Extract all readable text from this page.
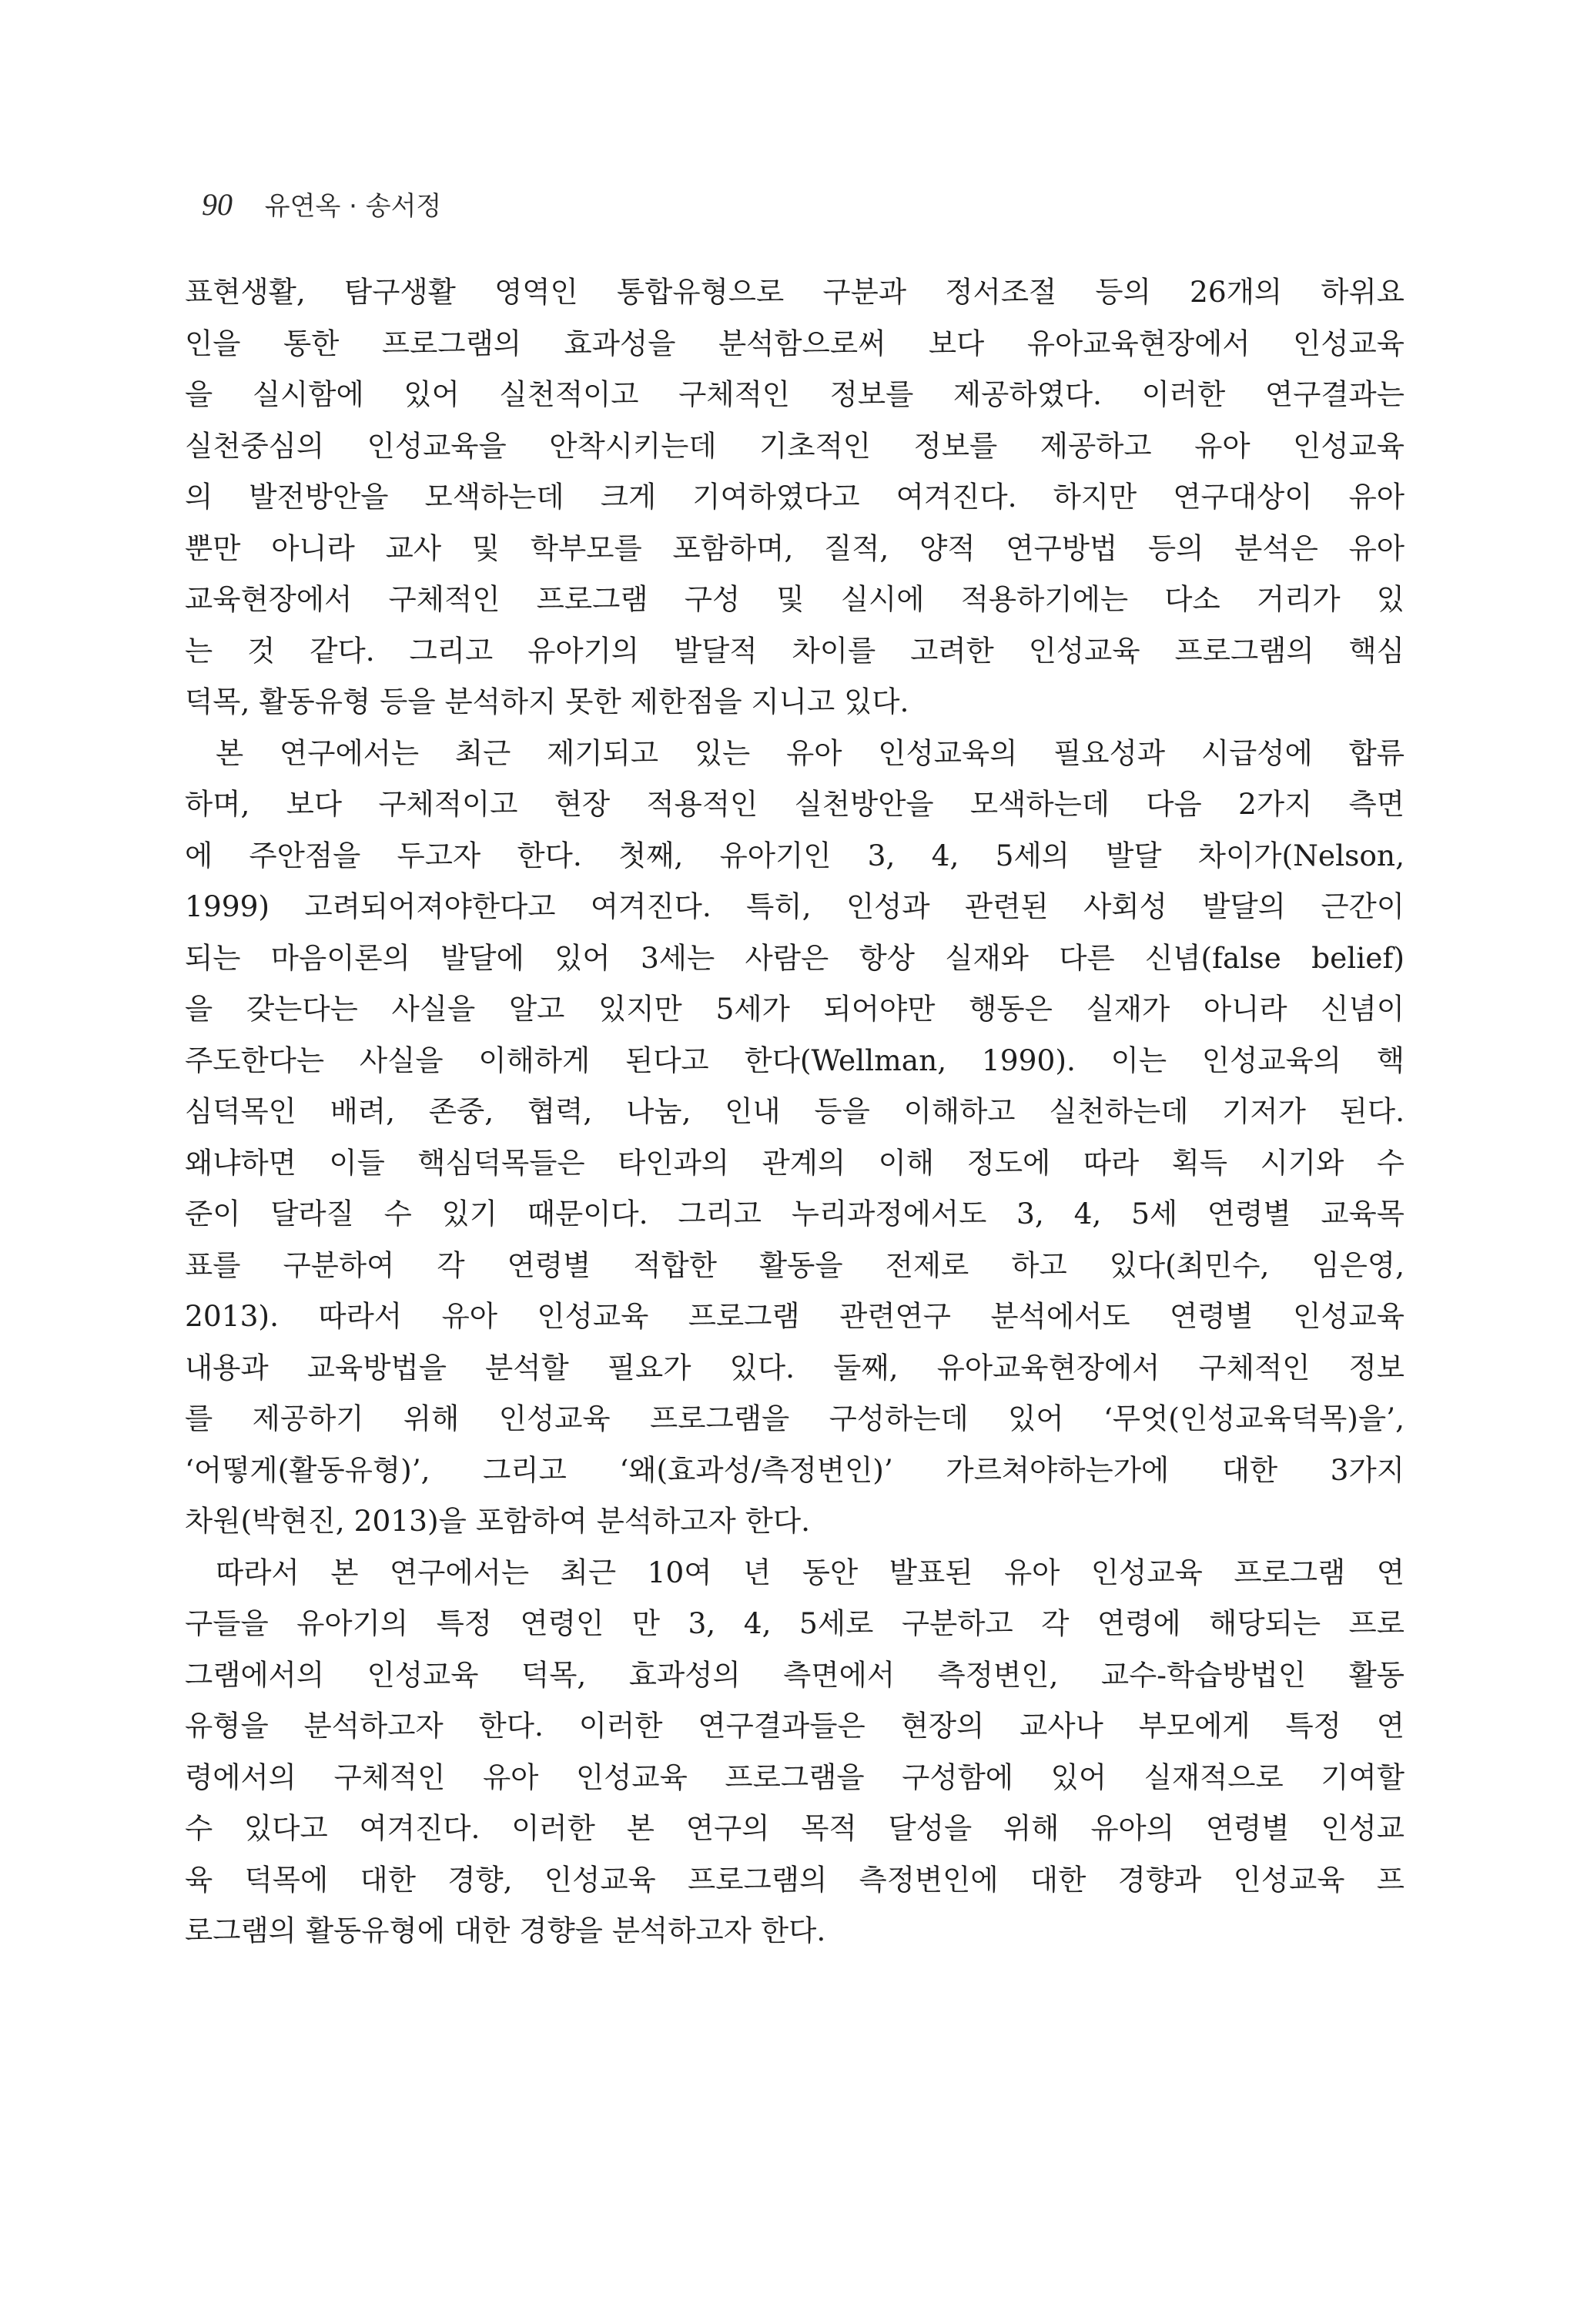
90 유연옥 · 송서정
표현생활, 탐구생활 영역인 통합유형으로 구분과 정서조절 등의 26개의 하위요
인을 통한 프로그램의 효과성을 분석함으로써 보다 유아교육현장에서 인성교육
을 실시함에 있어 실천적이고 구체적인 정보를 제공하였다. 이러한 연구결과는
실천중심의 인성교육을 안착시키는데 기초적인 정보를 제공하고 유아 인성교육
의 발전방안을 모색하는데 크게 기여하였다고 여겨진다. 하지만 연구대상이 유아
뿐만 아니라 교사 및 학부모를 포함하며, 질적, 양적 연구방법 등의 분석은 유아
교육현장에서 구체적인 프로그램 구성 및 실시에 적용하기에는 다소 거리가 있
는 것 같다. 그리고 유아기의 발달적 차이를 고려한 인성교육 프로그램의 핵심
덕목, 활동유형 등을 분석하지 못한 제한점을 지니고 있다.
본 연구에서는 최근 제기되고 있는 유아 인성교육의 필요성과 시급성에 합류
하며, 보다 구체적이고 현장 적용적인 실천방안을 모색하는데 다음 2가지 측면
에 주안점을 두고자 한다. 첫째, 유아기인 3, 4, 5세의 발달 차이가(Nelson,
1999) 고려되어져야한다고 여겨진다. 특히, 인성과 관련된 사회성 발달의 근간이
되는 마음이론의 발달에 있어 3세는 사람은 항상 실재와 다른 신념(false belief)
을 갖는다는 사실을 알고 있지만 5세가 되어야만 행동은 실재가 아니라 신념이
주도한다는 사실을 이해하게 된다고 한다(Wellman, 1990). 이는 인성교육의 핵
심덕목인 배려, 존중, 협력, 나눔, 인내 등을 이해하고 실천하는데 기저가 된다.
왜냐하면 이들 핵심덕목들은 타인과의 관계의 이해 정도에 따라 획득 시기와 수
준이 달라질 수 있기 때문이다. 그리고 누리과정에서도 3, 4, 5세 연령별 교육목
표를 구분하여 각 연령별 적합한 활동을 전제로 하고 있다(최민수, 임은영,
2013). 따라서 유아 인성교육 프로그램 관련연구 분석에서도 연령별 인성교육
내용과 교육방법을 분석할 필요가 있다. 둘째, 유아교육현장에서 구체적인 정보
를 제공하기 위해 인성교육 프로그램을 구성하는데 있어 ‘무엇(인성교육덕목)을’,
‘어떻게(활동유형)’, 그리고 ‘왜(효과성/측정변인)’ 가르쳐야하는가에 대한 3가지
차원(박현진, 2013)을 포함하여 분석하고자 한다.
따라서 본 연구에서는 최근 10여 년 동안 발표된 유아 인성교육 프로그램 연
구들을 유아기의 특정 연령인 만 3, 4, 5세로 구분하고 각 연령에 해당되는 프로
그램에서의 인성교육 덕목, 효과성의 측면에서 측정변인, 교수-학습방법인 활동
유형을 분석하고자 한다. 이러한 연구결과들은 현장의 교사나 부모에게 특정 연
령에서의 구체적인 유아 인성교육 프로그램을 구성함에 있어 실재적으로 기여할
수 있다고 여겨진다. 이러한 본 연구의 목적 달성을 위해 유아의 연령별 인성교
육 덕목에 대한 경향, 인성교육 프로그램의 측정변인에 대한 경향과 인성교육 프
로그램의 활동유형에 대한 경향을 분석하고자 한다.
